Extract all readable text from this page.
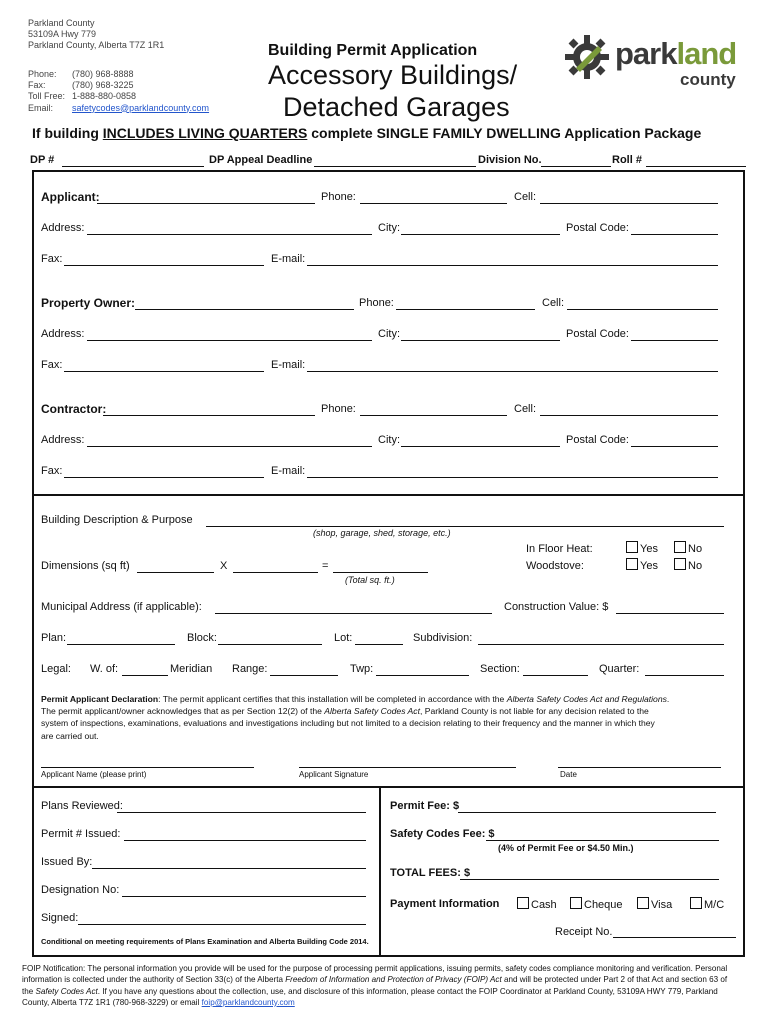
Parkland County
53109A Hwy 779
Parkland County, Alberta T7Z 1R1
Phone: (780) 968-8888
Fax:	(780) 968-3225
Toll Free: 1-888-880-0858
Email: safetycodes@parklandcounty.com
Building Permit Application
Accessory Buildings/
Detached Garages
parkland
county
If building INCLUDES LIVING QUARTERS complete SINGLE FAMILY DWELLING Application Package
DP #	DP Appeal Deadline	Division No.	Roll #
Applicant:	Phone:	Cell:
Address:	City:	Postal Code:
Fax:	E-mail:
Property Owner:	Phone:	Cell:
Address:	City:	Postal Code:
Fax:	E-mail:
Contractor:	Phone:	Cell:
Address:	City:	Postal Code:
Fax:	E-mail:
Building Description & Purpose
(shop, garage, shed, storage, etc.)
Dimensions (sq ft)	X	=
(Total sq. ft.)
In Floor Heat:	Yes	No
Woodstove:	Yes	No
Municipal Address (if applicable):	Construction Value: $
Plan:	Block:	Lot:	Subdivision:
Legal: W. of:	Meridian Range:	Twp:	Section:	Quarter:
Permit Applicant Declaration: The permit applicant certifies that this installation will be completed in accordance with the Alberta Safety Codes Act and Regulations.
The permit applicant/owner acknowledges that as per Section 12(2) of the Alberta Safety Codes Act, Parkland County is not liable for any decision related to the
system of inspections, examinations, evaluations and investigations including but not limited to a decision relating to their frequency and the manner in which they
are carried out.
Applicant Name (please print)	Applicant Signature	Date
Plans Reviewed:
Permit # Issued:
Issued By:
Designation No:
Signed:
Conditional on meeting requirements of Plans Examination and Alberta Building Code 2014.
Permit Fee: $
Safety Codes Fee: $
(4% of Permit Fee or $4.50 Min.)
TOTAL FEES: $
Payment Information	Cash	Cheque	Visa	M/C
Receipt No.
FOIP Notification: The personal information you provide will be used for the purpose of processing permit applications, issuing permits, safety codes compliance monitoring and verification. Personal
information is collected under the authority of Section 33(c) of the Alberta Freedom of Information and Protection of Privacy (FOIP) Act and will be protected under Part 2 of that Act and section 63 of
the Safety Codes Act. If you have any questions about the collection, use, and disclosure of this information, please contact the FOIP Coordinator at Parkland County, 53109A HWY 779, Parkland
County, Alberta T7Z 1R1 (780-968-3229) or email foip@parklandcounty.com
